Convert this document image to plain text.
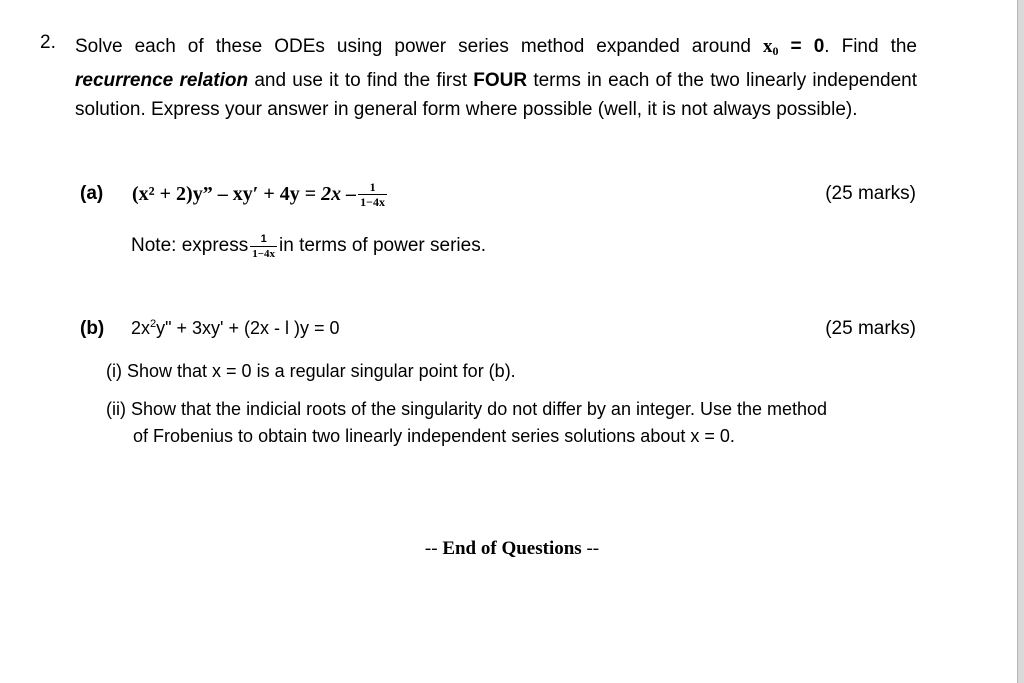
2. Solve each of these ODEs using power series method expanded around $x_0 = 0$. Find the recurrence relation and use it to find the first FOUR terms in each of the two linearly independent solution. Express your answer in general form where possible (well, it is not always possible).
(a) (x² + 2)y” – xy′ + 4y =
$2x - \frac{1}{1-4x}$	(25 marks)
Note: express $\frac{1}{1-4x}$ in terms of power series.
(b) $2x^2y$" + 3xy' + (2x - l )y = 0	(25 marks)
(i) Show that x = 0 is a regular singular point for (b).
(ii) Show that the indicial roots of the singularity do not differ by an integer. Use the method
of Frobenius to obtain two linearly independent series solutions about x = 0.
-- End of Questions --
